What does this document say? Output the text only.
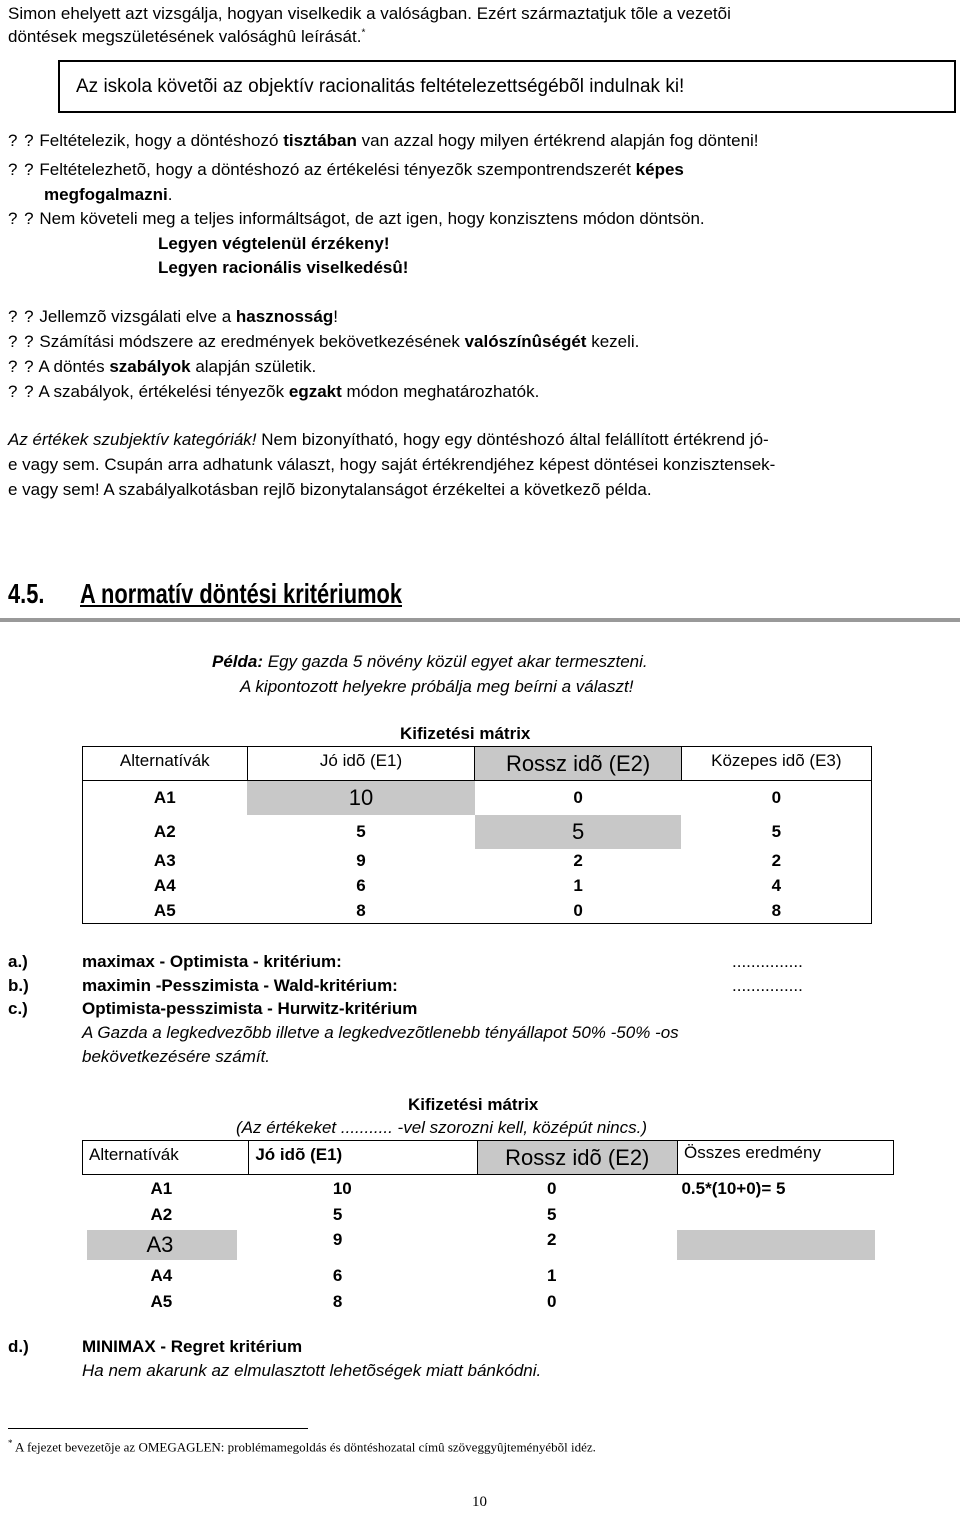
Simon ehelyett azt vizsgálja, hogyan viselkedik a valóságban. Ezért származtatjuk tõle a vezetõi
döntések megszületésének valósághû leírását.*
Az iskola követõi az objektív racionalitás feltételezettségébõl indulnak ki!
? ? Feltételezik, hogy a döntéshozó tisztában van azzal hogy milyen értékrend alapján fog dönteni!
? ? Feltételezhetõ, hogy a döntéshozó az értékelési tényezõk szempontrendszerét képes
megfogalmazni.
? ? Nem követeli meg a teljes informáltságot, de azt igen, hogy konzisztens módon döntsön.
Legyen végtelenül érzékeny!
Legyen racionális viselkedésû!
? ? Jellemzõ vizsgálati elve a hasznosság!
? ? Számítási módszere az eredmények bekövetkezésének valószínûségét kezeli.
? ? A döntés szabályok alapján születik.
? ? A szabályok, értékelési tényezõk egzakt módon meghatározhatók.
Az értékek szubjektív kategóriák! Nem bizonyítható, hogy egy döntéshozó által felállított értékrend jó-
e vagy sem. Csupán arra adhatunk választ, hogy saját értékrendjéhez képest döntései konzisztensek-
e vagy sem! A szabályalkotásban rejlõ bizonytalanságot érzékeltei a következõ példa.
4.5. A normatív döntési kritériumok
Példa: Egy gazda 5 növény közül egyet akar termeszteni.
A kipontozott helyekre próbálja meg beírni a választ!
Kifizetési mátrix
Alternatívák	Jó idõ (E1)	Rossz idõ (E2)	Közepes idõ (E3)
A1	10	0	0
A2	5	5	5
A3	9	2	2
A4	6	1	4
A5	8	0	8
a.)	maximax - Optimista - kritérium:	...............
b.)	maximin -Pesszimista - Wald-kritérium:	...............
c.)	Optimista-pesszimista - Hurwitz-kritérium
A Gazda a legkedvezõbb illetve a legkedvezõtlenebb tényállapot 50% -50% -os
bekövetkezésére számít.
Kifizetési mátrix
(Az értékeket ........... -vel szorozni kell, középút nincs.)
Alternatívák	Jó idõ (E1)	Rossz idõ (E2)	Összes eredmény
A1	10	0	0.5*(10+0)= 5
A2	5	5	

A3	9	2	

A4	6	1	
A5	8	0	
d.)	MINIMAX - Regret kritérium
Ha nem akarunk az elmulasztott lehetõségek miatt bánkódni.
* A fejezet bevezetõje az OMEGAGLEN: problémamegoldás és döntéshozatal címû szöveggyûjteményébõl idéz.
10
